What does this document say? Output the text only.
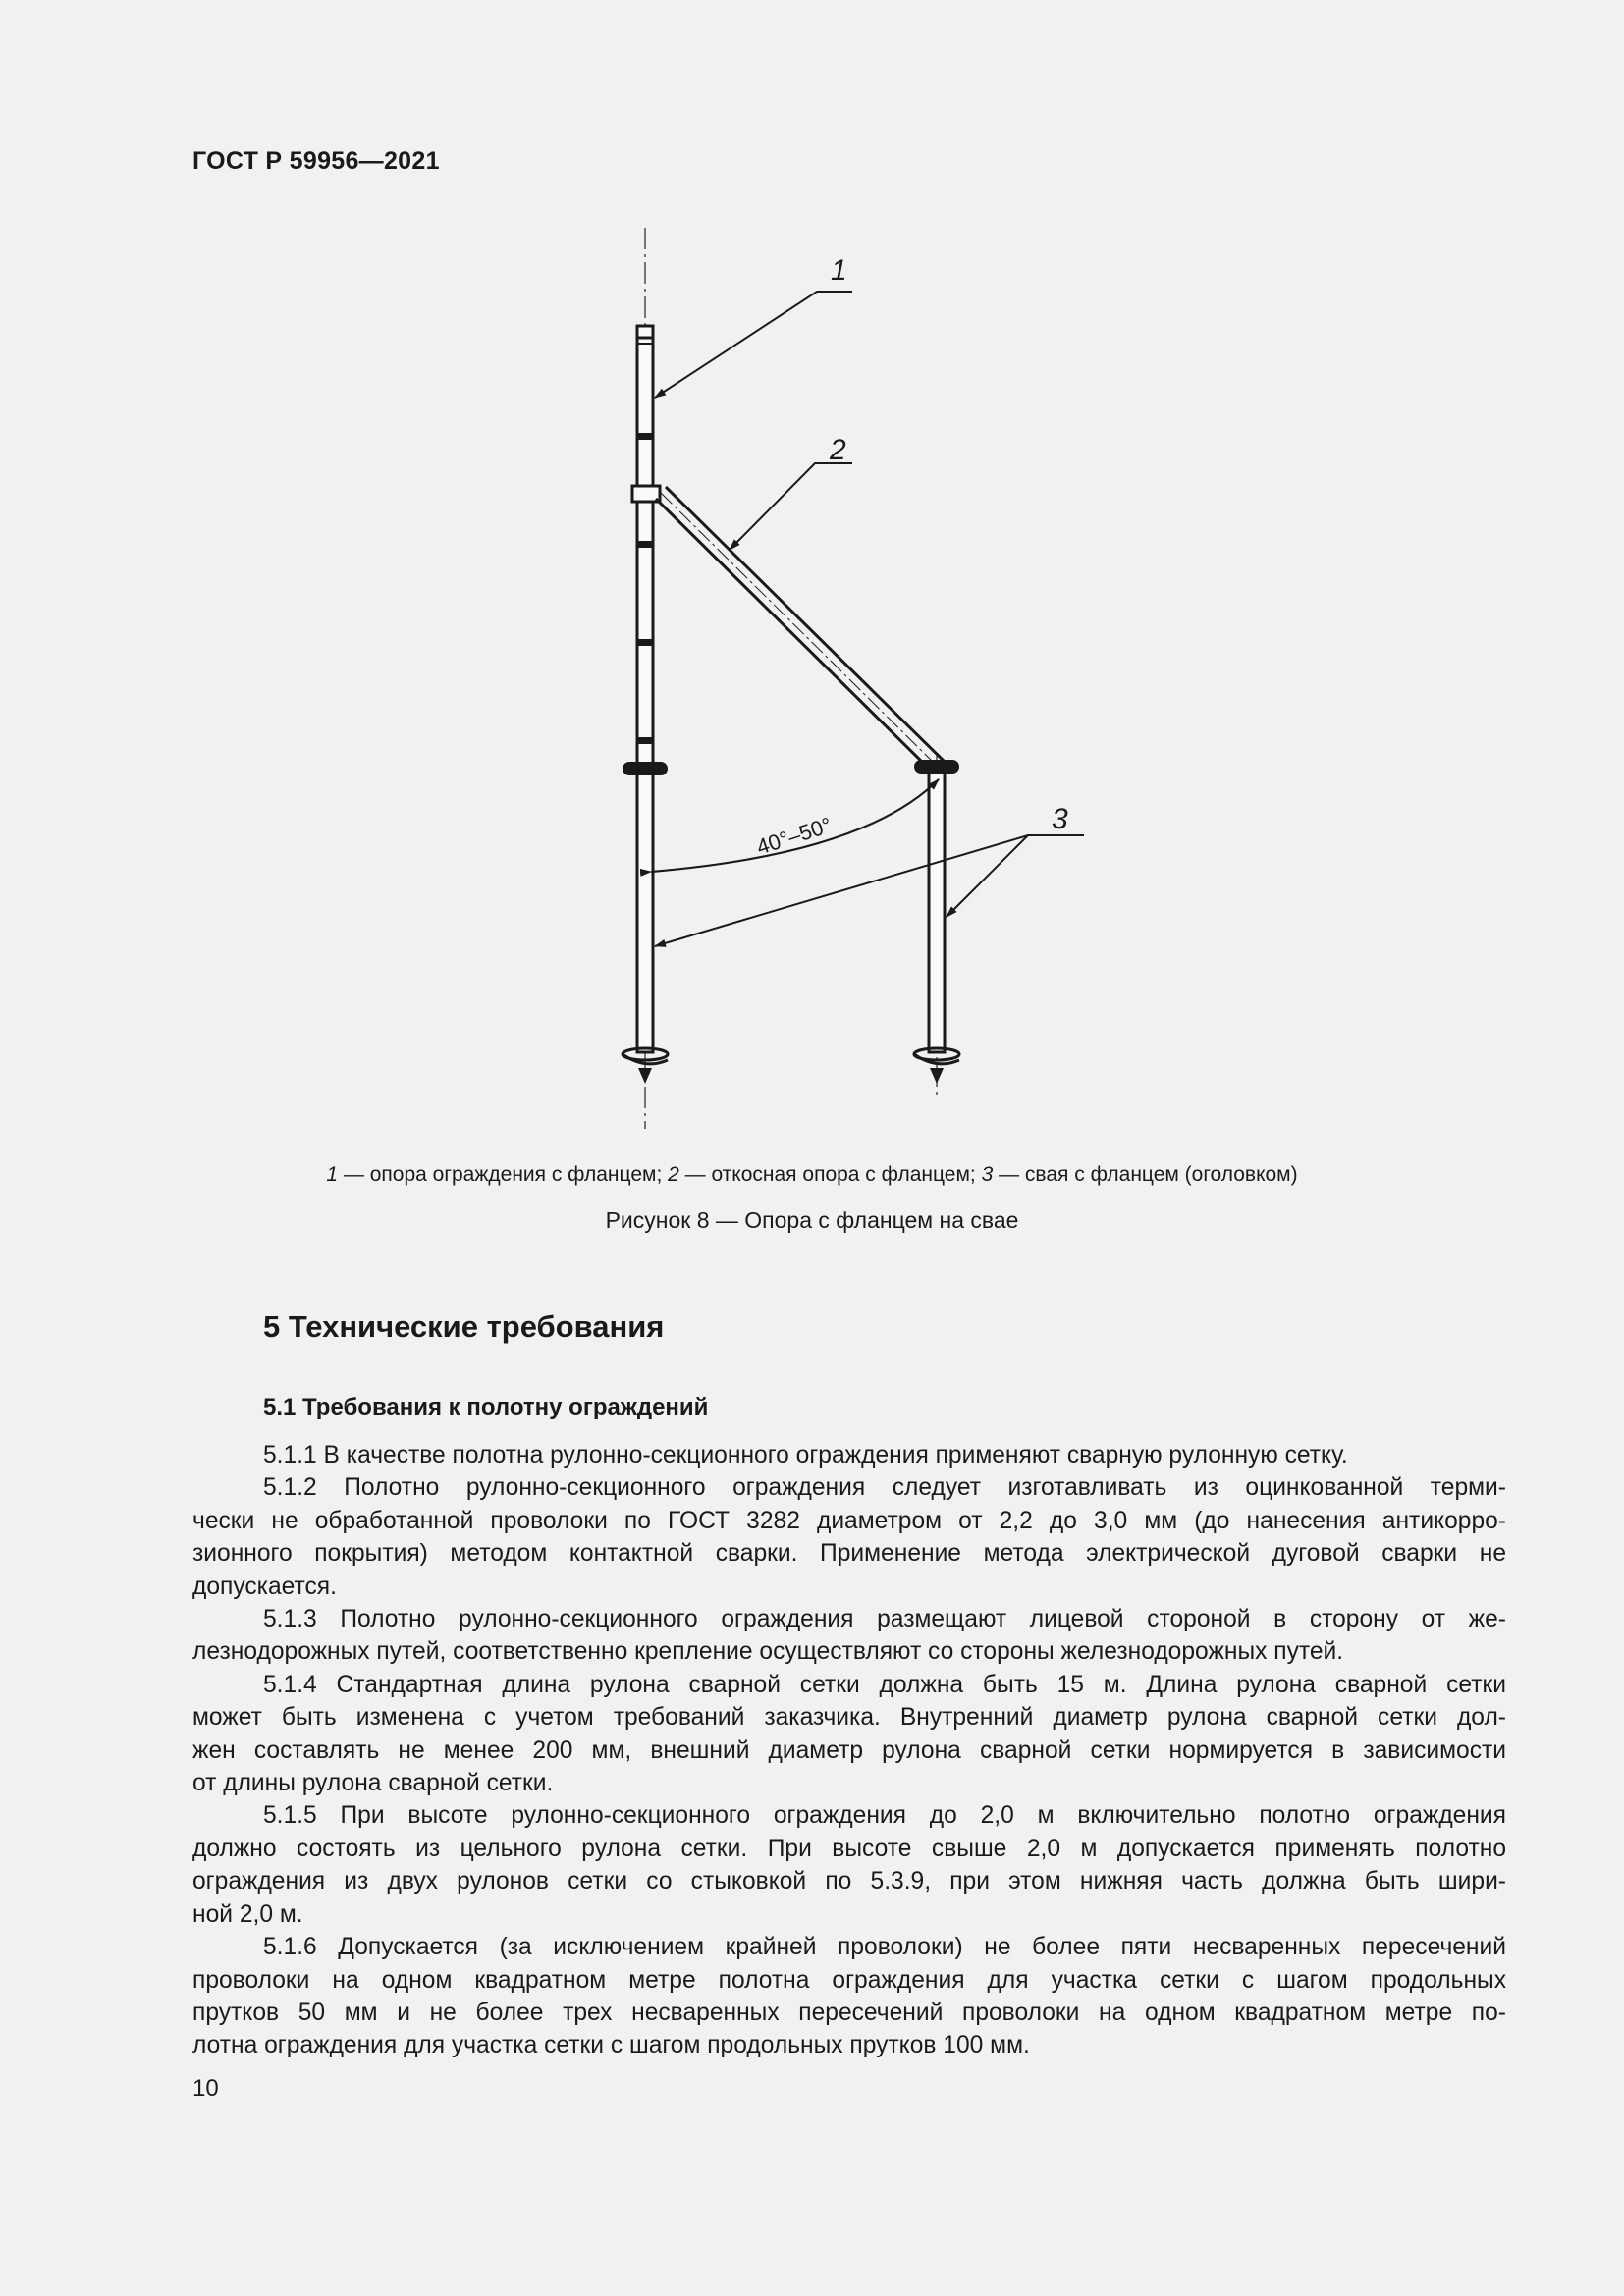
ГОСТ Р 59956—2021
40°–50°
1
2
3
1 — опора ограждения с фланцем; 2 — откосная опора с фланцем; 3 — свая с фланцем (оголовком)
Рисунок 8 — Опора с фланцем на свае
5 Технические требования
5.1 Требования к полотну ограждений

5.1.1 В качестве полотна рулонно-секционного ограждения применяют сварную рулонную сетку.

5.1.2 Полотно рулонно-секционного ограждения следует изготавливать из оцинкованной терми-
чески не обработанной проволоки по ГОСТ 3282 диаметром от 2,2 до 3,0 мм (до нанесения антикорро-
зионного покрытия) методом контактной сварки. Применение метода электрической дуговой сварки не
допускается.

5.1.3 Полотно рулонно-секционного ограждения размещают лицевой стороной в сторону от же-
лезнодорожных путей, соответственно крепление осуществляют со стороны железнодорожных путей.

5.1.4 Стандартная длина рулона сварной сетки должна быть 15 м. Длина рулона сварной сетки
может быть изменена с учетом требований заказчика. Внутренний диаметр рулона сварной сетки дол-
жен составлять не менее 200 мм, внешний диаметр рулона сварной сетки нормируется в зависимости
от длины рулона сварной сетки.

5.1.5 При высоте рулонно-секционного ограждения до 2,0 м включительно полотно ограждения
должно состоять из цельного рулона сетки. При высоте свыше 2,0 м допускается применять полотно
ограждения из двух рулонов сетки со стыковкой по 5.3.9, при этом нижняя часть должна быть шири-
ной 2,0 м.

5.1.6 Допускается (за исключением крайней проволоки) не более пяти несваренных пересечений
проволоки на одном квадратном метре полотна ограждения для участка сетки с шагом продольных
прутков 50 мм и не более трех несваренных пересечений проволоки на одном квадратном метре по-
лотна ограждения для участка сетки с шагом продольных прутков 100 мм.

10
